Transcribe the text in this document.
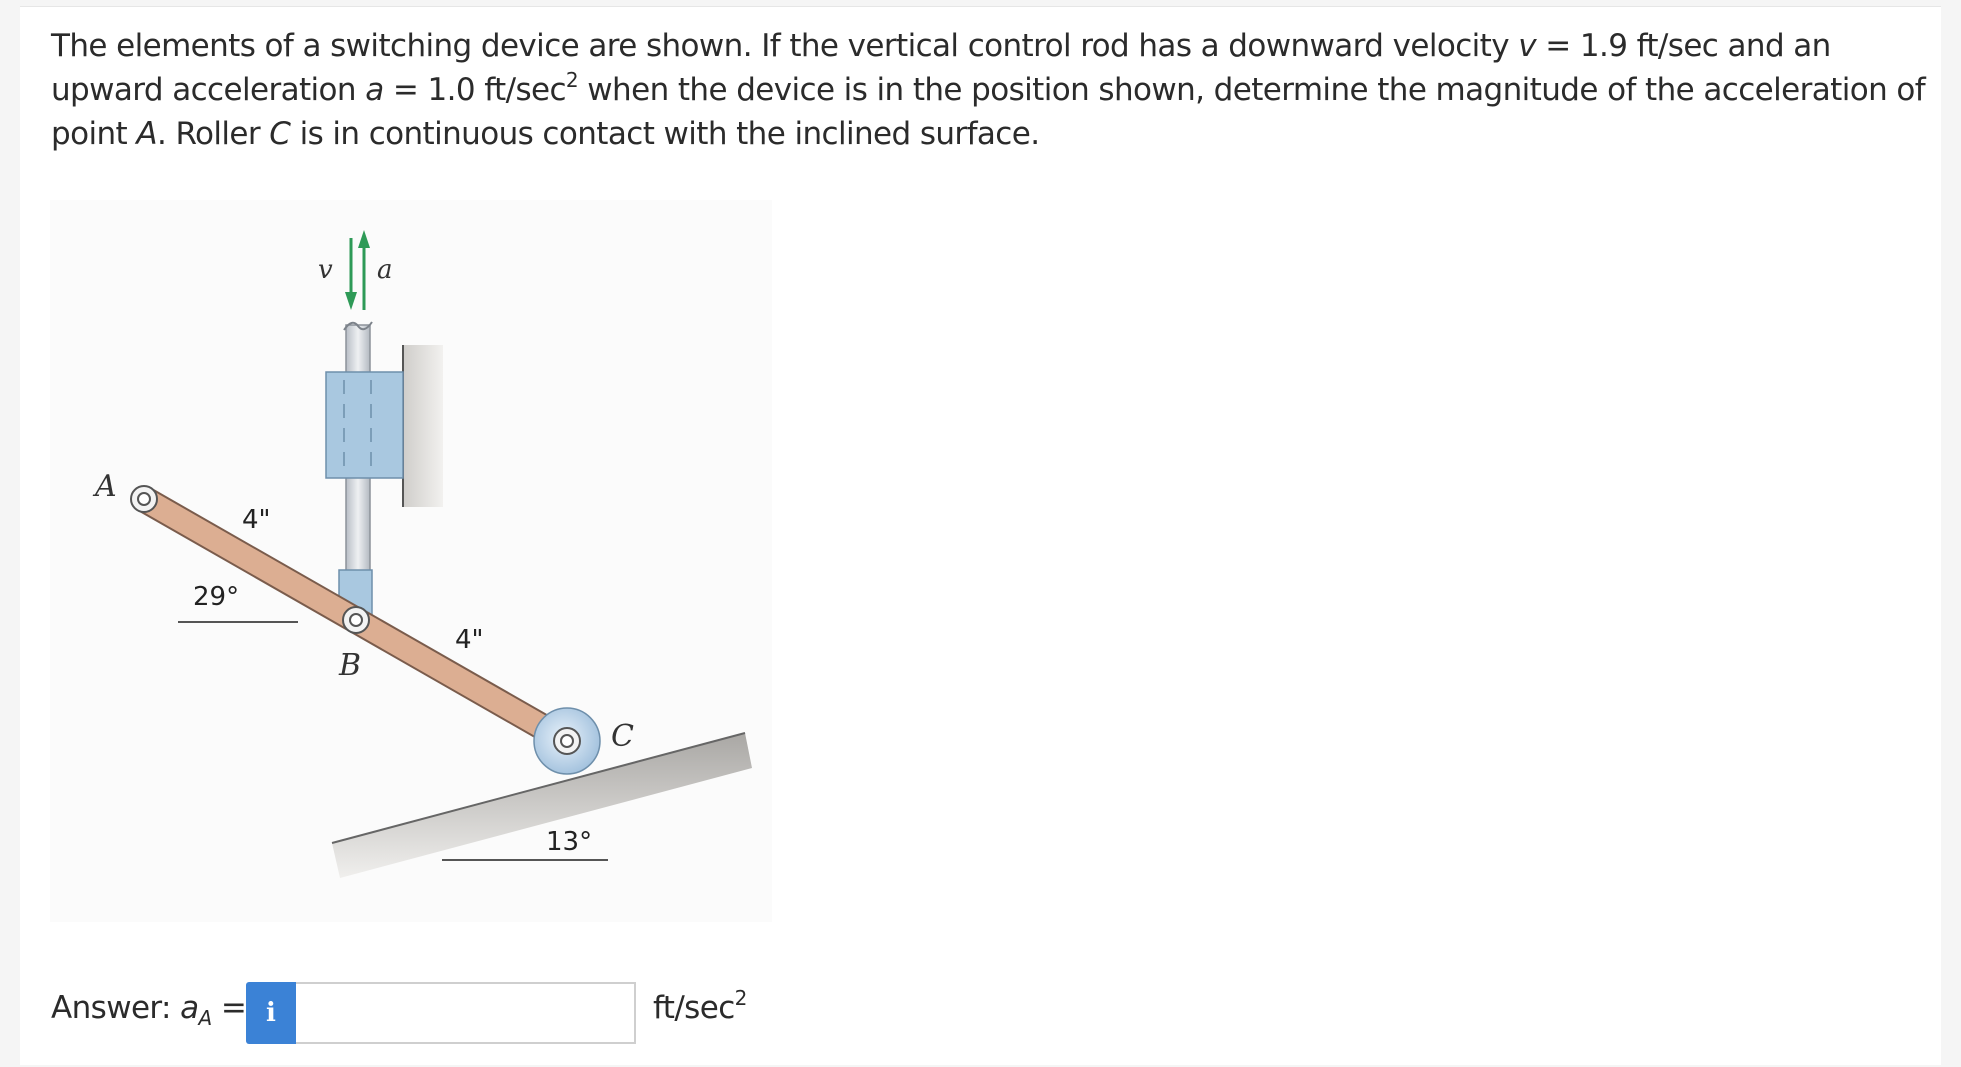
The elements of a switching device are shown. If the vertical control rod has a downward velocity v = 1.9 ft/sec and an upward acceleration a = 1.0 $ft/\sec^2$ when the device is in the position shown, determine the magnitude of the acceleration of point A. Roller C is in continuous contact with the inclined surface.
v a
A
B
C
4"
4"
29°
13°
Answer: $a_A = i$	$ft/\sec^2$
